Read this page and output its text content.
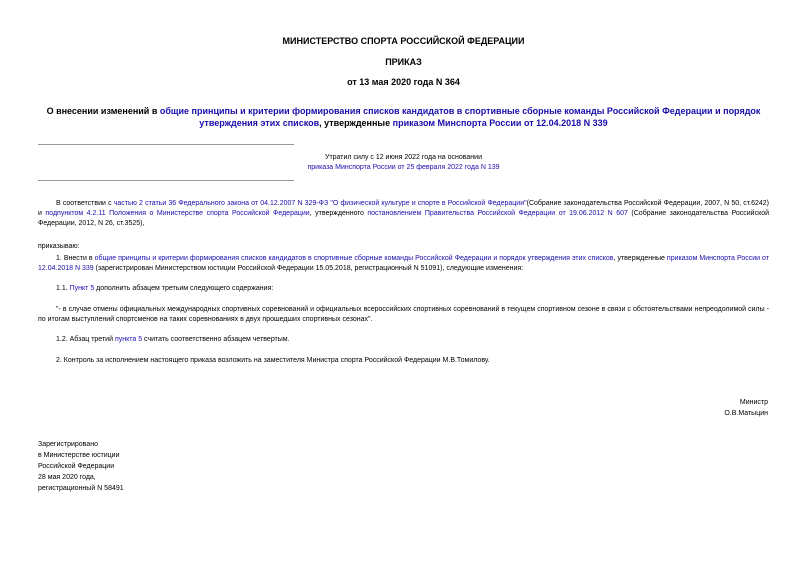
МИНИСТЕРСТВО СПОРТА РОССИЙСКОЙ ФЕДЕРАЦИИ
ПРИКАЗ
от 13 мая 2020 года N 364
О внесении изменений в общие принципы и критерии формирования списков кандидатов в спортивные сборные команды Российской Федерации и порядок утверждения этих списков, утвержденные приказом Минспорта России от 12.04.2018 N 339
Утратил силу с 12 июня 2022 года на основании
приказа Минспорта России от 25 февраля 2022 года N 139
В соответствии с частью 2 статьи 36 Федерального закона от 04.12.2007 N 329-ФЗ "О физической культуре и спорте в Российской Федерации"(Собрание законодательства Российской Федерации, 2007, N 50, ст.6242) и подпунктом 4.2.11 Положения о Министерстве спорта Российской Федерации, утвержденного постановлением Правительства Российской Федерации от 19.06.2012 N 607 (Собрание законодательства Российской Федерации, 2012, N 26, ст.3525),
приказываю:
1. Внести в общие принципы и критерии формирования списков кандидатов в спортивные сборные команды Российской Федерации и порядок утверждения этих списков, утвержденные приказом Минспорта России от 12.04.2018 N 339 (зарегистрирован Министерством юстиции Российской Федерации 15.05.2018, регистрационный N 51091), следующие изменения:
1.1. Пункт 5 дополнить абзацем третьим следующего содержания:
"- в случае отмены официальных международных спортивных соревнований и официальных всероссийских спортивных соревнований в текущем спортивном сезоне в связи с обстоятельствами непреодолимой силы - по итогам выступлений спортсменов на таких соревнованиях в двух прошедших спортивных сезонах".
1.2. Абзац третий пункта 5 считать соответственно абзацем четвертым.
2. Контроль за исполнением настоящего приказа возложить на заместителя Министра спорта Российской Федерации М.В.Томилову.
Министр
О.В.Матыцин
Зарегистрировано
в Министерстве юстиции
Российской Федерации
28 мая 2020 года,
регистрационный N 58491
